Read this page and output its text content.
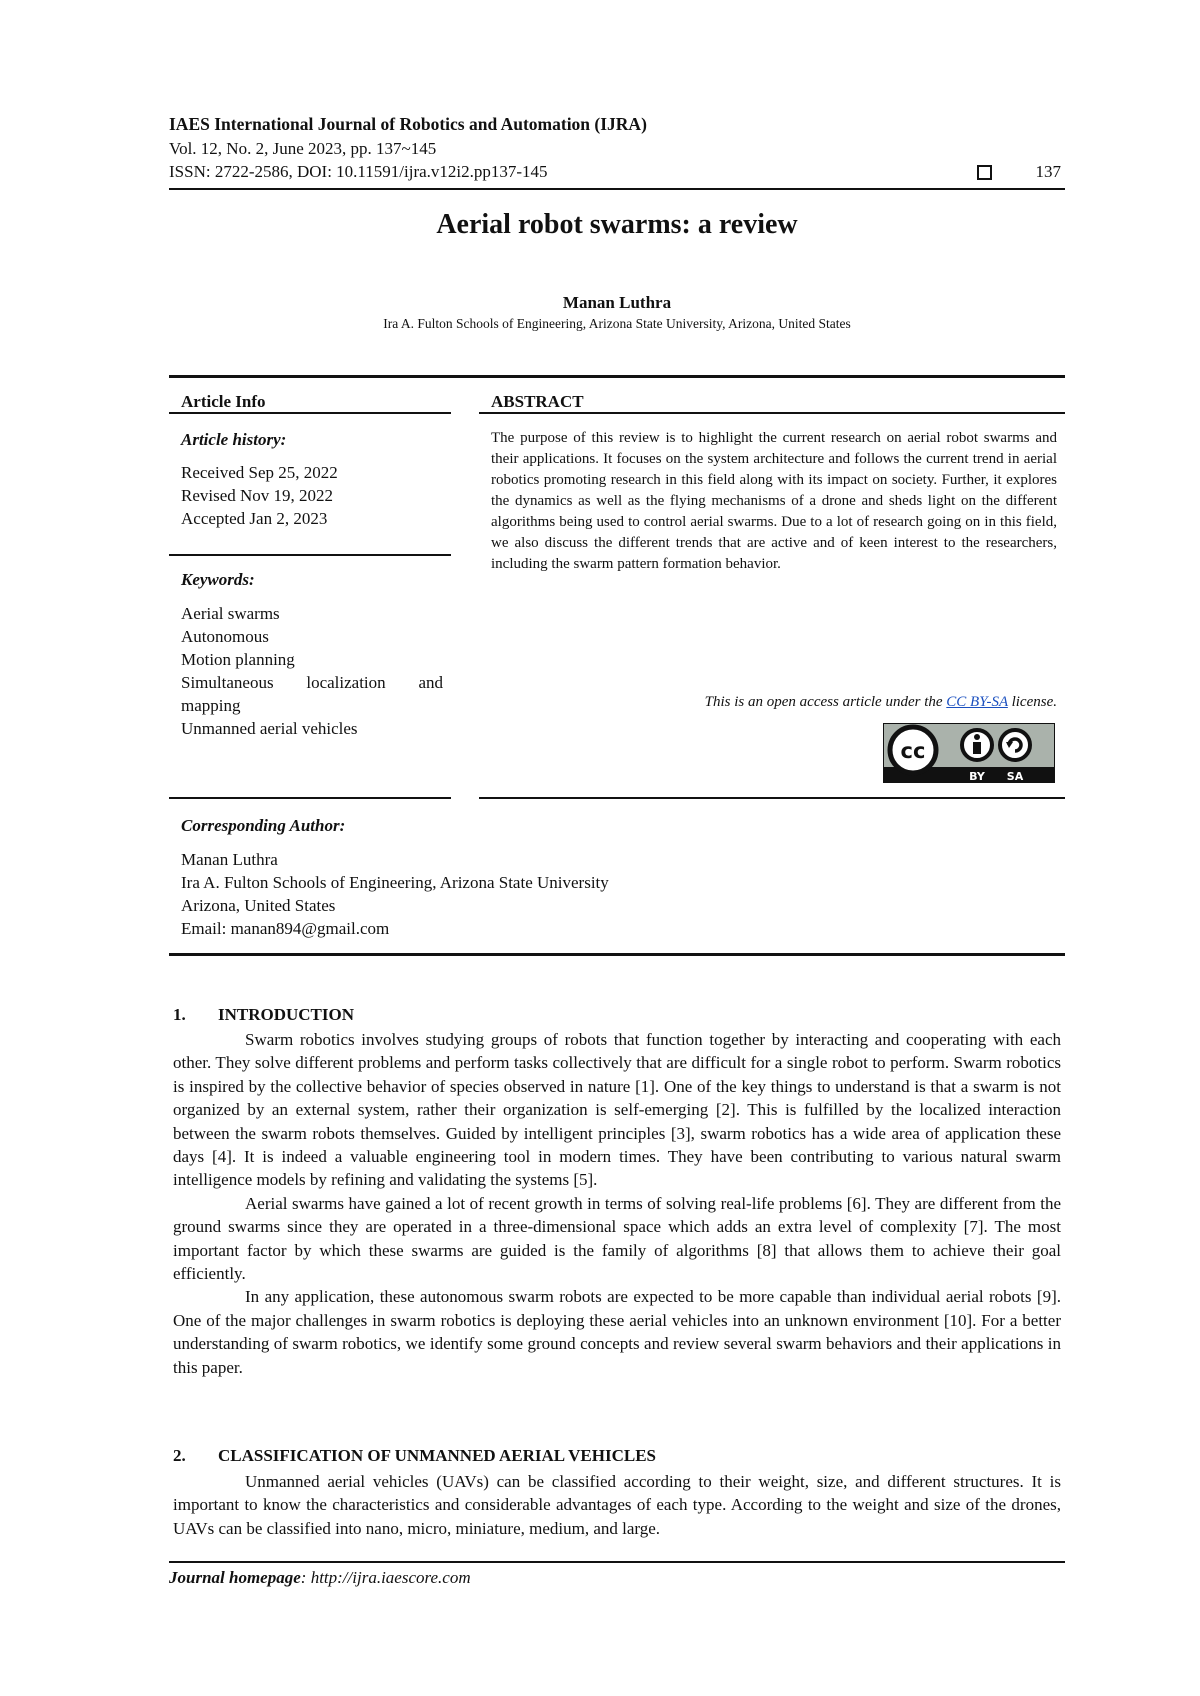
IAES International Journal of Robotics and Automation (IJRA)
Vol. 12, No. 2, June 2023, pp. 137~145
ISSN: 2722-2586, DOI: 10.11591/ijra.v12i2.pp137-145	137
Aerial robot swarms: a review
Manan Luthra
Ira A. Fulton Schools of Engineering, Arizona State University, Arizona, United States
Article Info
Article history:
Received Sep 25, 2022
Revised Nov 19, 2022
Accepted Jan 2, 2023
Keywords:
Aerial swarms
Autonomous
Motion planning
Simultaneous localization and
mapping
Unmanned aerial vehicles
ABSTRACT
The purpose of this review is to highlight the current research on aerial robot swarms and their applications. It focuses on the system architecture and follows the current trend in aerial robotics promoting research in this field along with its impact on society. Further, it explores the dynamics as well as the flying mechanisms of a drone and sheds light on the different algorithms being used to control aerial swarms. Due to a lot of research going on in this field, we also discuss the different trends that are active and of keen interest to the researchers, including the swarm pattern formation behavior.
This is an open access article under the CC BY-SA license.
cc
BY SA
Corresponding Author:
Manan Luthra
Ira A. Fulton Schools of Engineering, Arizona State University
Arizona, United States
Email: manan894@gmail.com
1. INTRODUCTION

Swarm robotics involves studying groups of robots that function together by interacting and cooperating with each other. They solve different problems and perform tasks collectively that are difficult for a single robot to perform. Swarm robotics is inspired by the collective behavior of species observed in nature [1]. One of the key things to understand is that a swarm is not organized by an external system, rather their organization is self-emerging [2]. This is fulfilled by the localized interaction between the swarm robots themselves. Guided by intelligent principles [3], swarm robotics has a wide area of application these days [4]. It is indeed a valuable engineering tool in modern times. They have been contributing to various natural swarm intelligence models by refining and validating the systems [5].

Aerial swarms have gained a lot of recent growth in terms of solving real-life problems [6]. They are different from the ground swarms since they are operated in a three-dimensional space which adds an extra level of complexity [7]. The most important factor by which these swarms are guided is the family of algorithms [8] that allows them to achieve their goal efficiently.

In any application, these autonomous swarm robots are expected to be more capable than individual aerial robots [9]. One of the major challenges in swarm robotics is deploying these aerial vehicles into an unknown environment [10]. For a better understanding of swarm robotics, we identify some ground concepts and review several swarm behaviors and their applications in this paper.

2. CLASSIFICATION OF UNMANNED AERIAL VEHICLES

Unmanned aerial vehicles (UAVs) can be classified according to their weight, size, and different structures. It is important to know the characteristics and considerable advantages of each type. According to the weight and size of the drones, UAVs can be classified into nano, micro, miniature, medium, and large.

Journal homepage: http://ijra.iaescore.com
